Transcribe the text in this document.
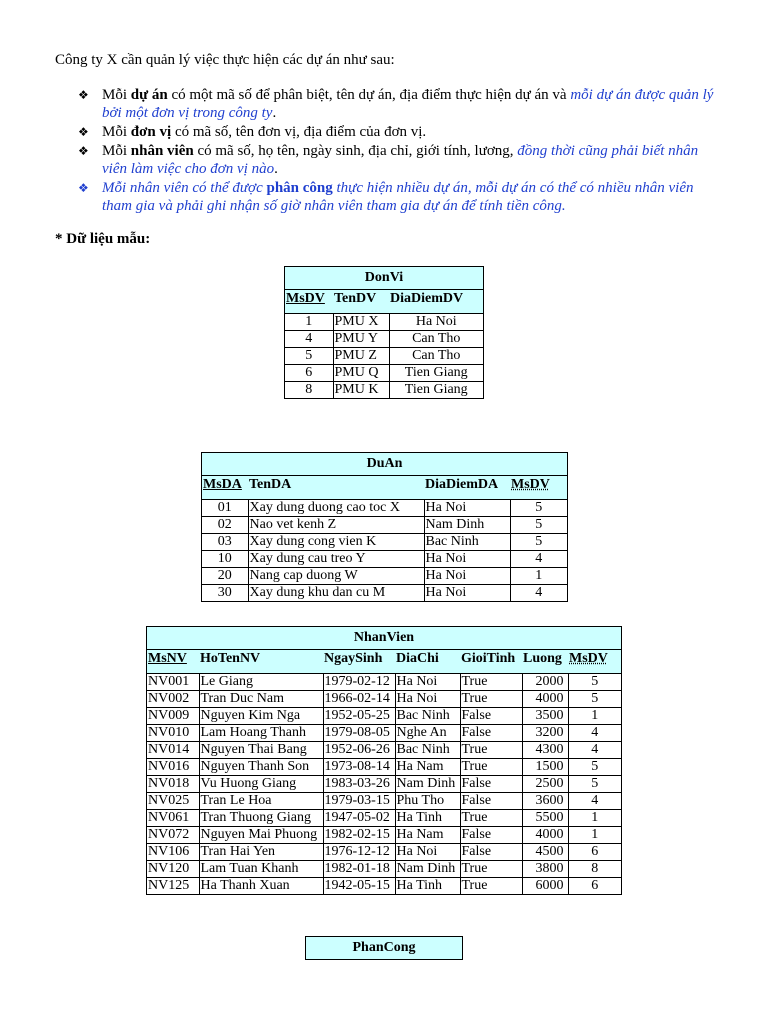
Công ty X cần quản lý việc thực hiện các dự án như sau:
❖ Mỗi dự án có một mã số để phân biệt, tên dự án, địa điểm thực hiện dự án và mỗi dự án được quản lý bởi một đơn vị trong công ty.
❖ Mỗi đơn vị có mã số, tên đơn vị, địa điểm của đơn vị.
❖ Mỗi nhân viên có mã số, họ tên, ngày sinh, địa chỉ, giới tính, lương, đồng thời cũng phải biết nhân viên làm việc cho đơn vị nào.
❖ Mỗi nhân viên có thể được phân công thực hiện nhiều dự án, mỗi dự án có thể có nhiều nhân viên tham gia và phải ghi nhận số giờ nhân viên tham gia dự án để tính tiền công.
* Dữ liệu mẫu:
DonVi		
MsDV	TenDV	DiaDiemDV
1	PMU X	Ha Noi
4	PMU Y	Can Tho
5	PMU Z	Can Tho
6	PMU Q	Tien Giang
8	PMU K	Tien Giang
DuAn			
MsDA	TenDA	DiaDiemDA	MsDV
01	Xay dung duong cao toc X	Ha Noi	5
02	Nao vet kenh Z	Nam Dinh	5
03	Xay dung cong vien K	Bac Ninh	5
10	Xay dung cau treo Y	Ha Noi	4
20	Nang cap duong W	Ha Noi	1
30	Xay dung khu dan cu M	Ha Noi	4
NhanVien						
MsNV	HoTenNV	NgaySinh	DiaChi	GioiTinh	Luong	MsDV
NV001	Le Giang	1979-02-12	Ha Noi	True	2000	5
NV002	Tran Duc Nam	1966-02-14	Ha Noi	True	4000	5
NV009	Nguyen Kim Nga	1952-05-25	Bac Ninh	False	3500	1
NV010	Lam Hoang Thanh	1979-08-05	Nghe An	False	3200	4
NV014	Nguyen Thai Bang	1952-06-26	Bac Ninh	True	4300	4
NV016	Nguyen Thanh Son	1973-08-14	Ha Nam	True	1500	5
NV018	Vu Huong Giang	1983-03-26	Nam Dinh	False	2500	5
NV025	Tran Le Hoa	1979-03-15	Phu Tho	False	3600	4
NV061	Tran Thuong Giang	1947-05-02	Ha Tinh	True	5500	1
NV072	Nguyen Mai Phuong	1982-02-15	Ha Nam	False	4000	1
NV106	Tran Hai Yen	1976-12-12	Ha Noi	False	4500	6
NV120	Lam Tuan Khanh	1982-01-18	Nam Dinh	True	3800	8
NV125	Ha Thanh Xuan	1942-05-15	Ha Tinh	True	6000	6
PhanCong
